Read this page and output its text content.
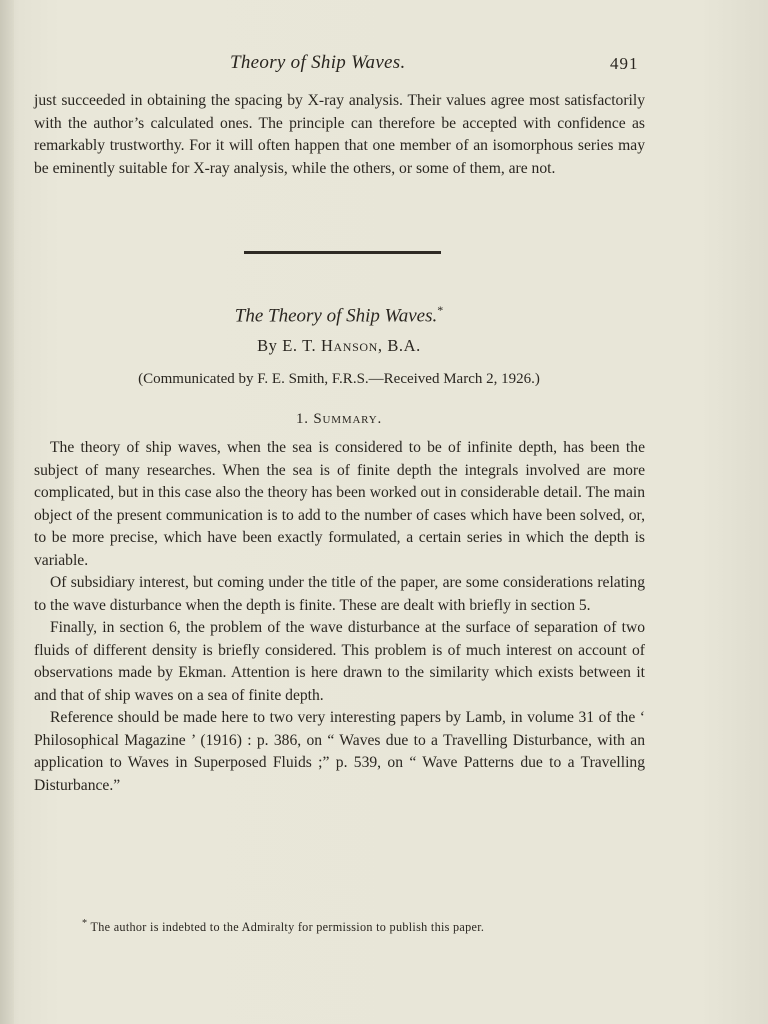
Theory of Ship Waves.	491

just succeeded in obtaining the spacing by X-ray analysis. Their values agree most satisfactorily with the author’s calculated ones. The principle can therefore be accepted with confidence as remarkably trustworthy. For it will often happen that one member of an isomorphous series may be eminently suitable for X-ray analysis, while the others, or some of them, are not.

The Theory of Ship Waves.*
By E. T. Hanson, B.A.
(Communicated by F. E. Smith, F.R.S.—Received March 2, 1926.)
1. Summary.

The theory of ship waves, when the sea is considered to be of infinite depth, has been the subject of many researches. When the sea is of finite depth the integrals involved are more complicated, but in this case also the theory has been worked out in considerable detail. The main object of the present communication is to add to the number of cases which have been solved, or, to be more precise, which have been exactly formulated, a certain series in which the depth is variable.

Of subsidiary interest, but coming under the title of the paper, are some considerations relating to the wave disturbance when the depth is finite. These are dealt with briefly in section 5.

Finally, in section 6, the problem of the wave disturbance at the surface of separation of two fluids of different density is briefly considered. This problem is of much interest on account of observations made by Ekman. Attention is here drawn to the similarity which exists between it and that of ship waves on a sea of finite depth.

Reference should be made here to two very interesting papers by Lamb, in volume 31 of the ‘ Philosophical Magazine ’ (1916) : p. 386, on “ Waves due to a Travelling Disturbance, with an application to Waves in Superposed Fluids ;” p. 539, on “ Wave Patterns due to a Travelling Disturbance.”

* The author is indebted to the Admiralty for permission to publish this paper.
